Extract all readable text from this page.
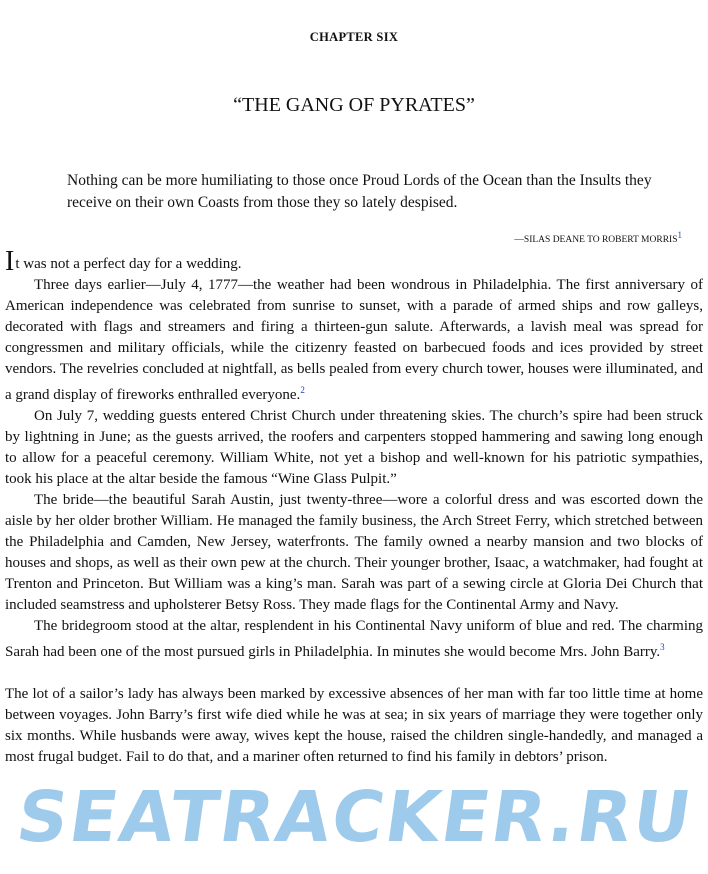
CHAPTER SIX
“THE GANG OF PYRATES”
Nothing can be more humiliating to those once Proud Lords of the Ocean than the Insults they receive on their own Coasts from those they so lately despised.
—SILAS DEANE TO ROBERT MORRIS$^1$

It was not a perfect day for a wedding.

Three days earlier—July 4, 1777—the weather had been wondrous in Philadelphia. The first anniversary of American independence was celebrated from sunrise to sunset, with a parade of armed ships and row galleys, decorated with flags and streamers and firing a thirteen-gun salute. Afterwards, a lavish meal was spread for congressmen and military officials, while the citizenry feasted on barbecued foods and ices provided by street vendors. The revelries concluded at nightfall, as bells pealed from every church tower, houses were illuminated, and a grand display of fireworks enthralled everyone.$^2$

On July 7, wedding guests entered Christ Church under threatening skies. The church’s spire had been struck by lightning in June; as the guests arrived, the roofers and carpenters stopped hammering and sawing long enough to allow for a peaceful ceremony. William White, not yet a bishop and well-known for his patriotic sympathies, took his place at the altar beside the famous “Wine Glass Pulpit.”

The bride—the beautiful Sarah Austin, just twenty-three—wore a colorful dress and was escorted down the aisle by her older brother William. He managed the family business, the Arch Street Ferry, which stretched between the Philadelphia and Camden, New Jersey, waterfronts. The family owned a nearby mansion and two blocks of houses and shops, as well as their own pew at the church. Their younger brother, Isaac, a watchmaker, had fought at Trenton and Princeton. But William was a king’s man. Sarah was part of a sewing circle at Gloria Dei Church that included seamstress and upholsterer Betsy Ross. They made flags for the Continental Army and Navy.

The bridegroom stood at the altar, resplendent in his Continental Navy uniform of blue and red. The charming Sarah had been one of the most pursued girls in Philadelphia. In minutes she would become Mrs. John Barry.$^3$

The lot of a sailor’s lady has always been marked by excessive absences of her man with far too little time at home between voyages. John Barry’s first wife died while he was at sea; in six years of marriage they were together only six months. While husbands were away, wives kept the house, raised the children single-handedly, and managed a most frugal budget. Fail to do that, and a mariner often returned to find his family in debtors’ prison.

SEATRACKER.RU
